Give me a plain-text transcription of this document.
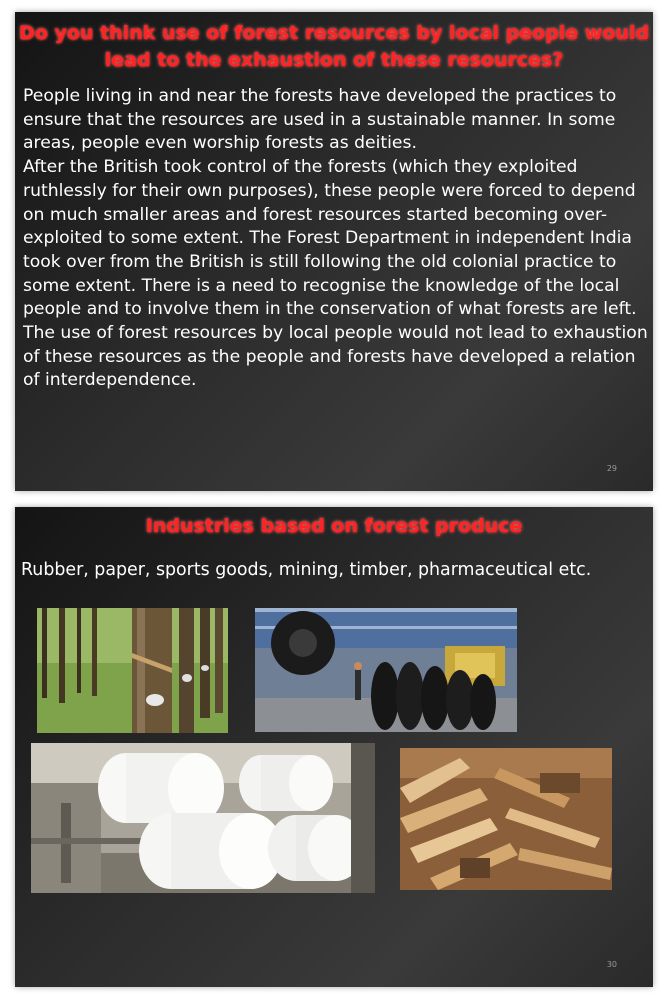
Do you think use of forest resources by local people would lead to the exhaustion of these resources?
People living in and near the forests have developed the practices to ensure that the resources are used in a sustainable manner. In some areas, people even worship forests as deities.
After the British took control of the forests (which they exploited ruthlessly for their own purposes), these people were forced to depend on much smaller areas and forest resources started becoming over-exploited to some extent. The Forest Department in independent India took over from the British is still following the old colonial practice to some extent. There is a need to recognise the knowledge of the local people and to involve them in the conservation of what forests are left. The use of forest resources by local people would not lead to exhaustion of these resources as the people and forests have developed a relation of interdependence.
29
Industries based on forest produce

Rubber, paper, sports goods, mining, timber, pharmaceutical etc.

30
